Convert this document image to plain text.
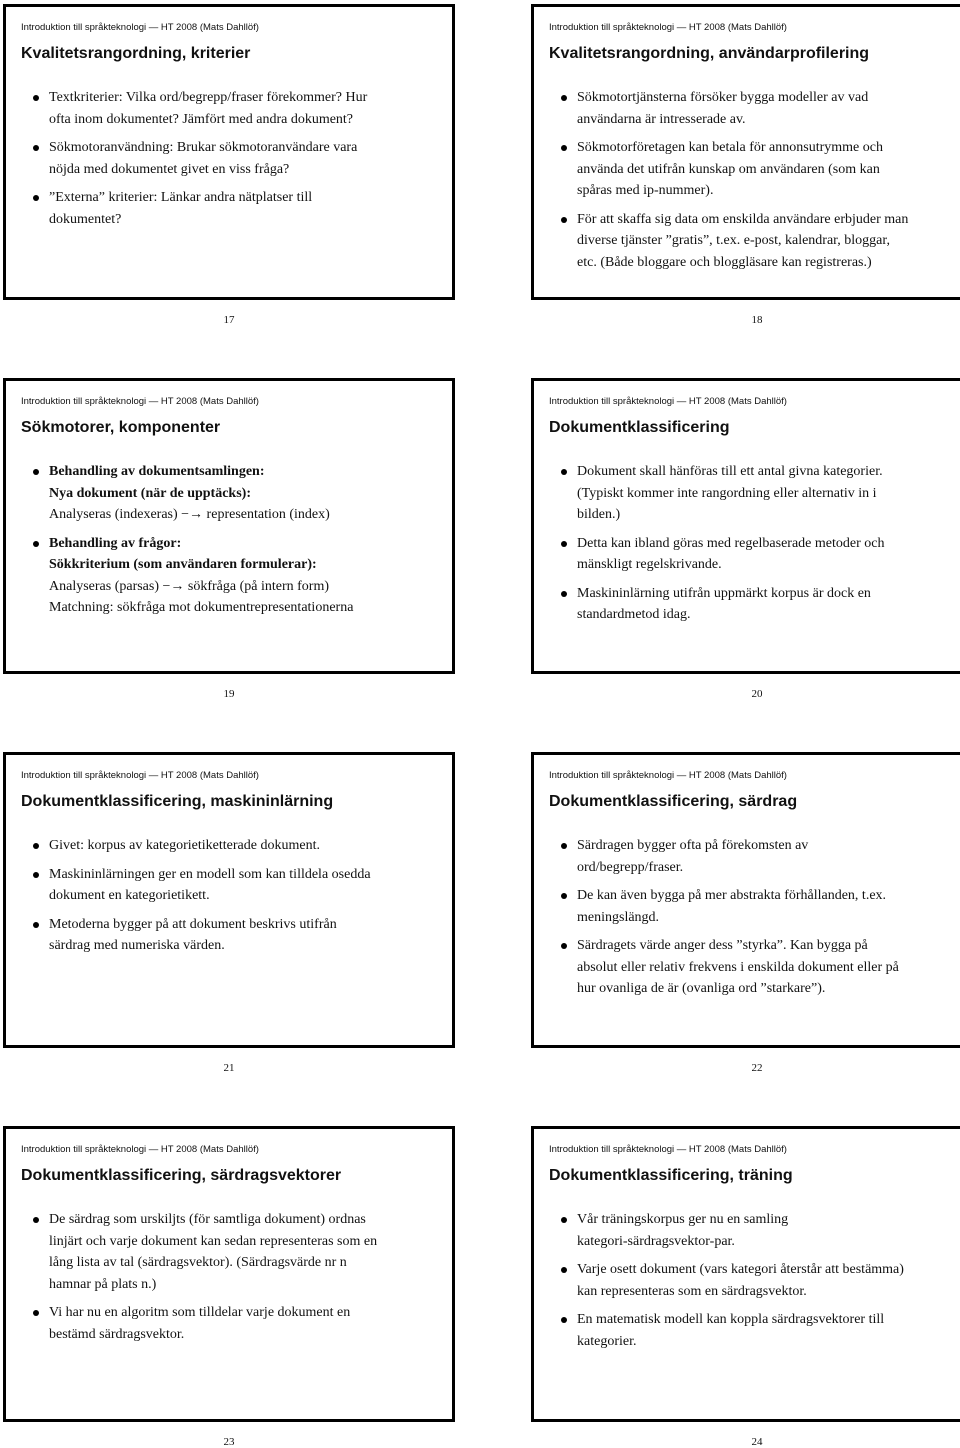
Introduktion till språkteknologi — HT 2008 (Mats Dahllöf)
Kvalitetsrangordning, kriterier
Textkriterier: Vilka ord/begrepp/fraser förekommer? Hur
ofta inom dokumentet? Jämfört med andra dokument?
Sökmotoranvändning: Brukar sökmotoranvändare vara
nöjda med dokumentet givet en viss fråga?
”Externa” kriterier: Länkar andra nätplatser till
dokumentet?
17
Introduktion till språkteknologi — HT 2008 (Mats Dahllöf)
Kvalitetsrangordning, användarprofilering
Sökmotortjänsterna försöker bygga modeller av vad
användarna är intresserade av.
Sökmotorföretagen kan betala för annonsutrymme och
använda det utifrån kunskap om användaren (som kan
spåras med ip-nummer).
För att skaffa sig data om enskilda användare erbjuder man
diverse tjänster ”gratis”, t.ex. e-post, kalendrar, bloggar,
etc. (Både bloggare och bloggläsare kan registreras.)
18
Introduktion till språkteknologi — HT 2008 (Mats Dahllöf)
Sökmotorer, komponenter
Behandling av dokumentsamlingen:
Nya dokument (när de upptäcks):
Analyseras (indexeras) −→ representation (index)
Behandling av frågor:
Sökkriterium (som användaren formulerar):
Analyseras (parsas) −→ sökfråga (på intern form)
Matchning: sökfråga mot dokumentrepresentationerna
19
Introduktion till språkteknologi — HT 2008 (Mats Dahllöf)
Dokumentklassificering
Dokument skall hänföras till ett antal givna kategorier.
(Typiskt kommer inte rangordning eller alternativ in i
bilden.)
Detta kan ibland göras med regelbaserade metoder och
mänskligt regelskrivande.
Maskininlärning utifrån uppmärkt korpus är dock en
standardmetod idag.
20
Introduktion till språkteknologi — HT 2008 (Mats Dahllöf)
Dokumentklassificering, maskininlärning
Givet: korpus av kategorietiketterade dokument.
Maskininlärningen ger en modell som kan tilldela osedda
dokument en kategorietikett.
Metoderna bygger på att dokument beskrivs utifrån
särdrag med numeriska värden.
21
Introduktion till språkteknologi — HT 2008 (Mats Dahllöf)
Dokumentklassificering, särdrag
Särdragen bygger ofta på förekomsten av
ord/begrepp/fraser.
De kan även bygga på mer abstrakta förhållanden, t.ex.
meningslängd.
Särdragets värde anger dess ”styrka”. Kan bygga på
absolut eller relativ frekvens i enskilda dokument eller på
hur ovanliga de är (ovanliga ord ”starkare”).
22
Introduktion till språkteknologi — HT 2008 (Mats Dahllöf)
Dokumentklassificering, särdragsvektorer
De särdrag som urskiljts (för samtliga dokument) ordnas
linjärt och varje dokument kan sedan representeras som en
lång lista av tal (särdragsvektor). (Särdragsvärde nr n
hamnar på plats n.)
Vi har nu en algoritm som tilldelar varje dokument en
bestämd särdragsvektor.
23
Introduktion till språkteknologi — HT 2008 (Mats Dahllöf)
Dokumentklassificering, träning
Vår träningskorpus ger nu en samling
kategori-särdragsvektor-par.
Varje osett dokument (vars kategori återstår att bestämma)
kan representeras som en särdragsvektor.
En matematisk modell kan koppla särdragsvektorer till
kategorier.
24
